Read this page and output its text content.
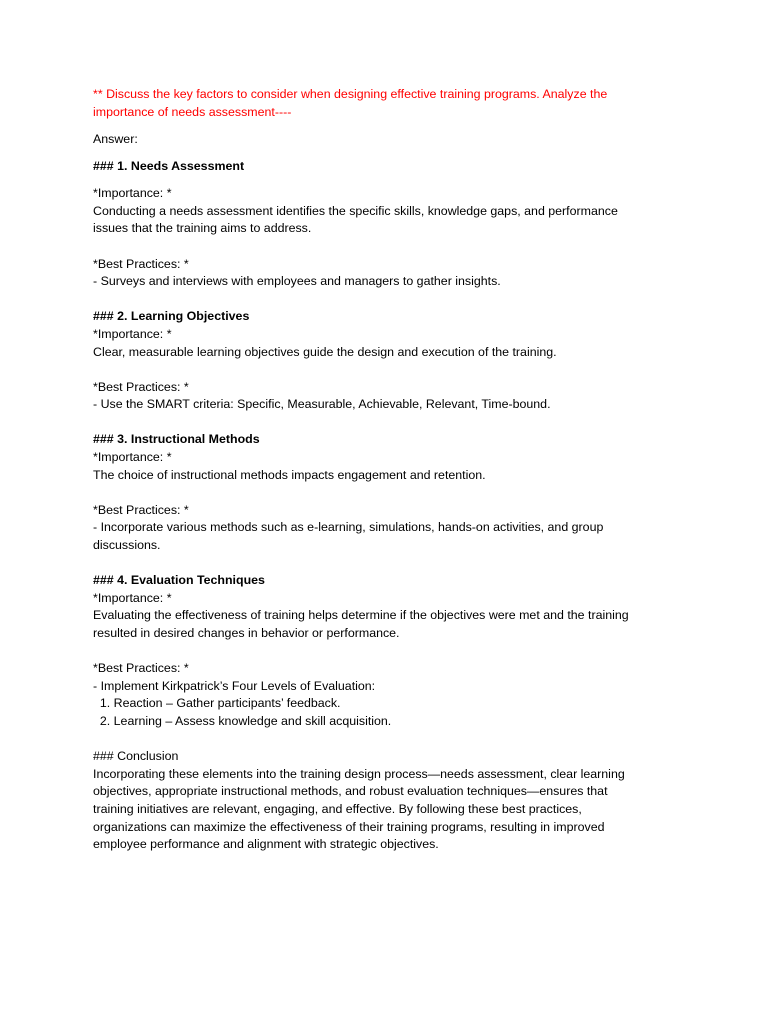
** Discuss the key factors to consider when designing effective training programs. Analyze the
importance of needs assessment----
Answer:
### 1. Needs Assessment
*Importance: *
Conducting a needs assessment identifies the specific skills, knowledge gaps, and performance
issues that the training aims to address.
*Best Practices: *
- Surveys and interviews with employees and managers to gather insights.
### 2. Learning Objectives
*Importance: *
Clear, measurable learning objectives guide the design and execution of the training.
*Best Practices: *
- Use the SMART criteria: Specific, Measurable, Achievable, Relevant, Time-bound.
### 3. Instructional Methods
*Importance: *
The choice of instructional methods impacts engagement and retention.
*Best Practices: *
- Incorporate various methods such as e-learning, simulations, hands-on activities, and group
discussions.
### 4. Evaluation Techniques
*Importance: *
Evaluating the effectiveness of training helps determine if the objectives were met and the training
resulted in desired changes in behavior or performance.
*Best Practices: *
- Implement Kirkpatrick’s Four Levels of Evaluation:
1. Reaction – Gather participants’ feedback.
2. Learning – Assess knowledge and skill acquisition.
### Conclusion
Incorporating these elements into the training design process—needs assessment, clear learning
objectives, appropriate instructional methods, and robust evaluation techniques—ensures that
training initiatives are relevant, engaging, and effective. By following these best practices,
organizations can maximize the effectiveness of their training programs, resulting in improved
employee performance and alignment with strategic objectives.
